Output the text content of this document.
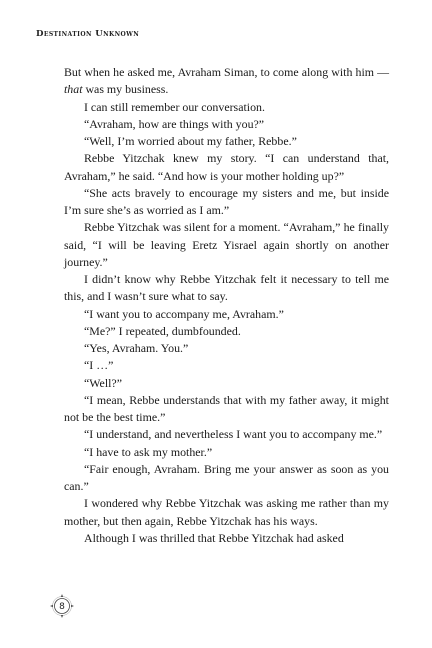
Destination Unknown

But when he asked me, Avraham Siman, to come along with him — that was my business.

I can still remember our conversation.

“Avraham, how are things with you?”

“Well, I’m worried about my father, Rebbe.”

Rebbe Yitzchak knew my story. “I can understand that, Avraham,” he said. “And how is your mother holding up?”

“She acts bravely to encourage my sisters and me, but inside I’m sure she’s as worried as I am.”

Rebbe Yitzchak was silent for a moment. “Avraham,” he finally said, “I will be leaving Eretz Yisrael again shortly on another journey.”

I didn’t know why Rebbe Yitzchak felt it necessary to tell me this, and I wasn’t sure what to say.

“I want you to accompany me, Avraham.”

“Me?” I repeated, dumbfounded.

“Yes, Avraham. You.”

“I …”

“Well?”

“I mean, Rebbe understands that with my father away, it might not be the best time.”

“I understand, and nevertheless I want you to accompany me.”

“I have to ask my mother.”

“Fair enough, Avraham. Bring me your answer as soon as you can.”

I wondered why Rebbe Yitzchak was asking me rather than my mother, but then again, Rebbe Yitzchak has his ways.

Although I was thrilled that Rebbe Yitzchak had asked

8
